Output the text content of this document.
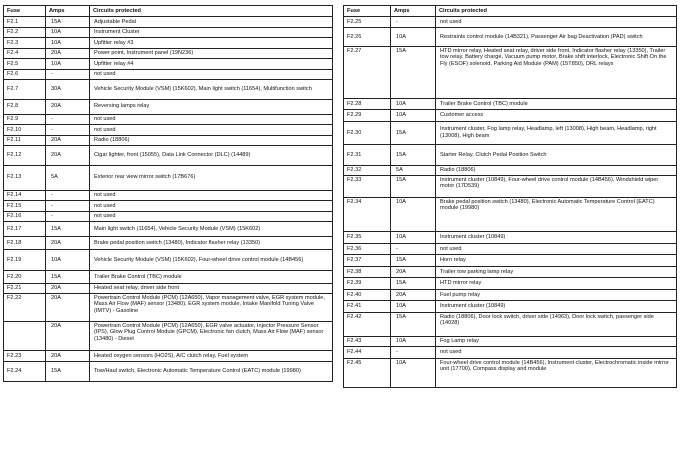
Fuse	Amps	Circuits protected
F2.1	15A	Adjustable Pedal
F2.2	10A	Instrument Cluster
F2.3	10A	Upfitter relay #3
F2.4	20A	Power point, Instrument panel (19N236)
F2.5	10A	Upfitter relay #4
F2.6	-	not used
F2.7	30A	Vehicle Security Module (VSM) (15K602), Main light switch (11654), Multifunction switch
F2.8	20A	Reversing lamps relay
F2.9	-	not used
F2.10	-	not used
F2.11	20A	Radio (18806)
F2.12	20A	Cigar lighter, front (15055), Data Link Connector (DLC) (14489)
F2.13	5A	Exterior rear view mirror switch (17B676)
F2.14	-	not used
F2.15	-	not used
F2.16	-	not used
F2.17	15A	Main light switch (11654), Vehicle Security Module (VSM) (15K602)
F2.18	20A	Brake pedal position switch (13480), Indicator flasher relay (13350)
F2.19	10A	Vehicle Security Module (VSM) (15K602), Four-wheel drive control module (14B456)
F2.20	15A	Trailer Brake Control (TBC) module
F2.21	20A	Heated seat relay, driver side front
F2.22	20A	Powertrain Control Module (PCM) (12A650), Vapor management valve, EGR system module, Mass Air Flow (MAF) sensor (13480), EGR system module, Intake Manifold Tuning Valve (IMTV) - Gasoline
	20A	Powertrain Control Module (PCM) (12A650), EGR valve actuator, Injector Pressure Sensor (IPS), Glow Plug Control Module (GPCM), Electronic fan clutch, Mass Air Flow (MAF) sensor (13480) - Diesel
F2.23	20A	Heated oxygen sensors (HO2S), A/C clutch relay, Fuel system
F2.24	15A	Tow/Haul switch, Electronic Automatic Temperature Control (EATC) module (19980)
Fuse	Amps	Circuits protected
F2.25	-	not used
F2.26	10A	Restraints control module (14B321), Passenger Air bag Deactivation (PAD) switch
F2.27	15A	HTD mirror relay, Heated seat relay, driver side front, Indicator flasher relay (13350), Trailer tow relay, Battery charge, Vacuum pump motor, Brake shift interlock, Electronic Shift On the Fly (ESOF) solenoid, Parking Aid Module (PAM) (15T850), DRL relays
F2.28	10A	Trailer Brake Control (TBC) module
F2.29	10A	Customer access
F2.30	15A	Instrument cluster, Fog lamp relay, Headlamp, left (13008), High beam, Headlamp, right (13008), High beam
F2.31	15A	Starter Relay, Clutch Pedal Position Switch
F2.32	5A	Radio (18806)
F2.33	15A	Instrument cluster (10849), Four-wheel drive control module (14B456), Windshield wiper motor (17D539)
F2.34	10A	Brake pedal position switch (13480), Electronic Automatic Temperature Control (EATC) module (19980)
F2.35	10A	Instrument cluster (10849)
F2.36	-	not used
F2.37	15A	Horn relay
F2.38	20A	Trailer tow parking lamp relay
F2.39	15A	HTD mirror relay
F2.40	20A	Fuel pump relay
F2.41	10A	Instrument cluster (10849)
F2.42	15A	Radio (18806), Door lock switch, driver side (14963), Door lock switch, passenger side (14028)
F2.43	10A	Fog Lamp relay
F2.44	-	not used
F2.45	10A	Four-wheel drive control module (14B456), Instrument cluster, Electrochromatic inside mirror unit (17700), Compass display and module
